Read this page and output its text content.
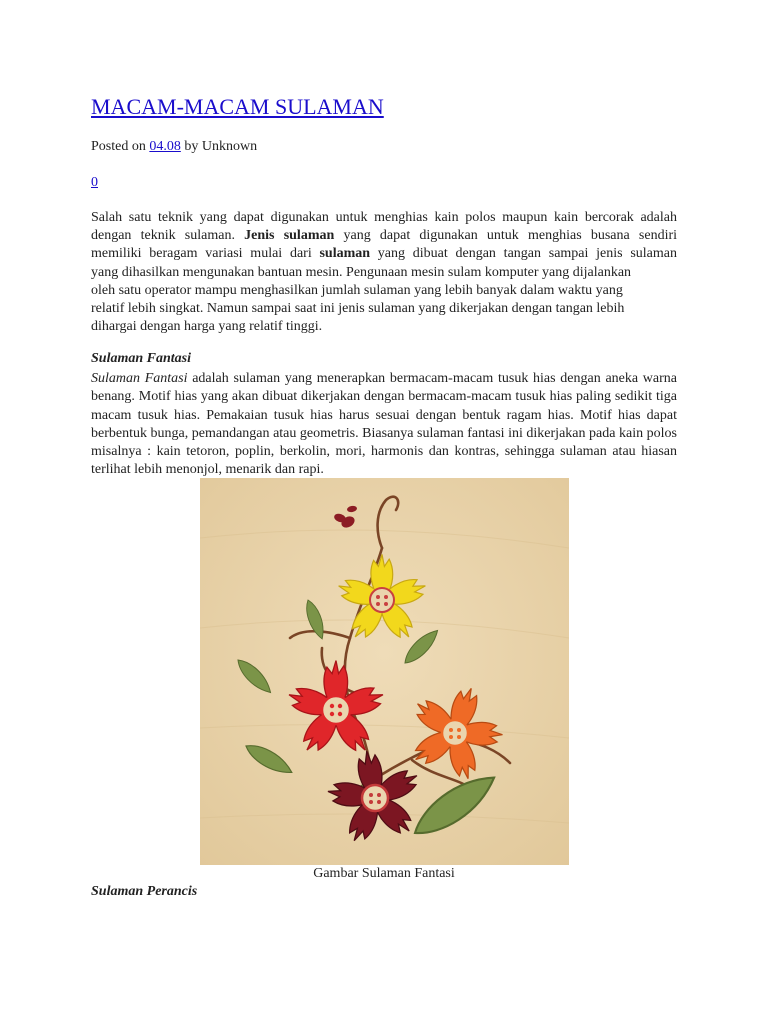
MACAM-MACAM SULAMAN
Posted on 04.08 by Unknown
0

Salah satu teknik yang dapat digunakan untuk menghias kain polos maupun kain bercorak adalah
dengan teknik sulaman. Jenis sulaman yang dapat digunakan untuk menghias busana sendiri
memiliki beragam variasi mulai dari sulaman yang dibuat dengan tangan sampai jenis sulaman
yang dihasilkan mengunakan bantuan mesin. Pengunaan mesin sulam komputer yang dijalankan
oleh satu operator mampu menghasilkan jumlah sulaman yang lebih banyak dalam waktu yang
relatif lebih singkat. Namun sampai saat ini jenis sulaman yang dikerjakan dengan tangan lebih
dihargai dengan harga yang relatif tinggi.

Sulaman Fantasi

Sulaman Fantasi adalah sulaman yang menerapkan bermacam-macam tusuk hias dengan aneka warna benang. Motif hias yang akan dibuat dikerjakan dengan bermacam-macam tusuk hias paling sedikit tiga macam tusuk hias. Pemakaian tusuk hias harus sesuai dengan bentuk ragam hias. Motif hias dapat berbentuk bunga, pemandangan atau geometris. Biasanya sulaman fantasi ini dikerjakan pada kain polos misalnya : kain tetoron, poplin, berkolin, mori, harmonis dan kontras, sehingga sulaman atau hiasan terlihat lebih menonjol, menarik dan rapi.

Gambar Sulaman Fantasi
Sulaman Perancis
